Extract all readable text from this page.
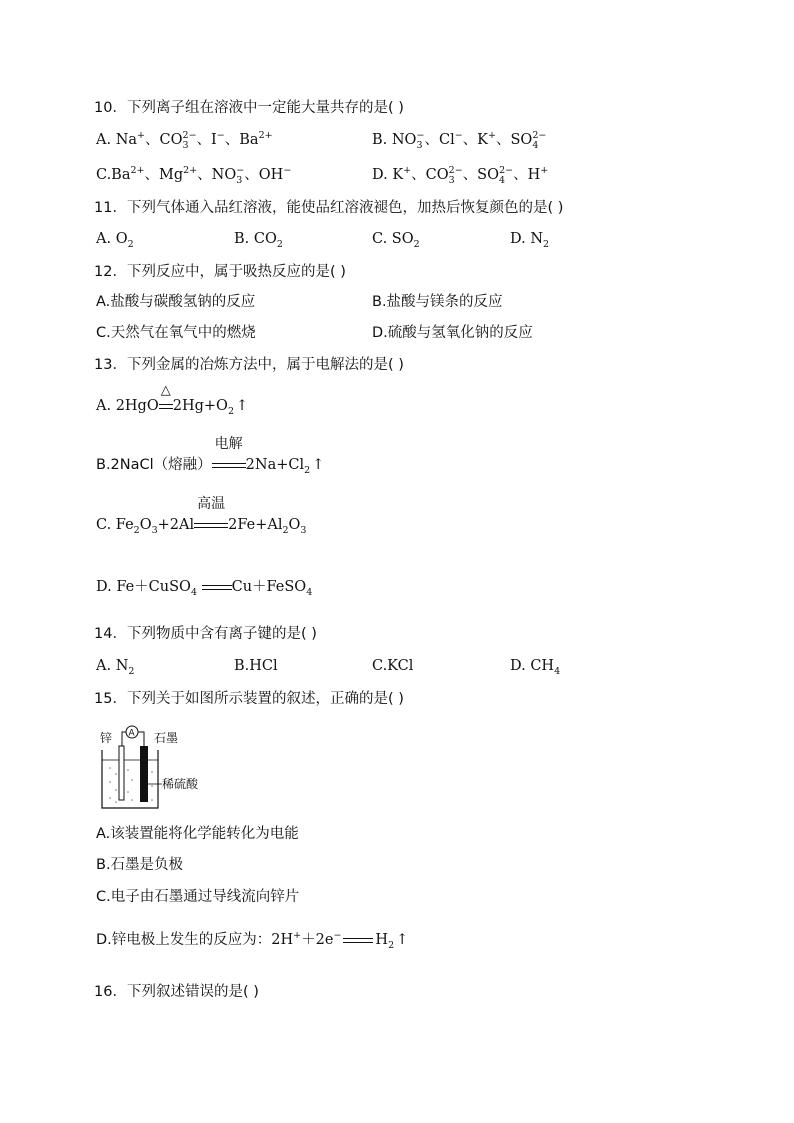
10．下列离子组在溶液中一定能大量共存的是( )
A. Na+、$CO_3^{2-}$、I−、$Ba^{2+}$	B. $NO_3^-$、Cl−、K+、$SO_4^{2-}$
$C.Ba^{2+}$、$Mg^{2+}$、$NO_3^-$、OH−	D. K+、$CO_3^{2-}$、$SO_4^{2-}$、H+
11．下列气体通入品红溶液，能使品红溶液褪色，加热后恢复颜色的是( )
A. $O_2$	B. $CO_2$	C. $SO_2$	D. $N_2$
12．下列反应中，属于吸热反应的是( )
A.盐酸与碳酸氢钠的反应	B.盐酸与镁条的反应
C.天然气在氧气中的燃烧	D.硫酸与氢氧化钠的反应
13．下列金属的冶炼方法中，属于电解法的是( )
A. 2HgO
△
$2Hg+O_2$ ↑
B.2NaCl（熔融）
电解
$2Na+Cl_2$ ↑
C. $Fe_2O_3+2Al$
高温
$2Fe+Al_2O_3$
D. Fe＋CuSO$_4$ Cu＋FeSO$_4$
14．下列物质中含有离子键的是( )
A. $N_2$	B.HCl	C.KCl	D. $CH_4$
15．下列关于如图所示装置的叙述，正确的是( )
锌	石墨
稀硫酸
A
A.该装置能将化学能转化为电能
B.石墨是负极
C.电子由石墨通过导线流向锌片
D.锌电极上发生的反应为：2H+＋2e− $H_2$ ↑
16．下列叙述错误的是( )
